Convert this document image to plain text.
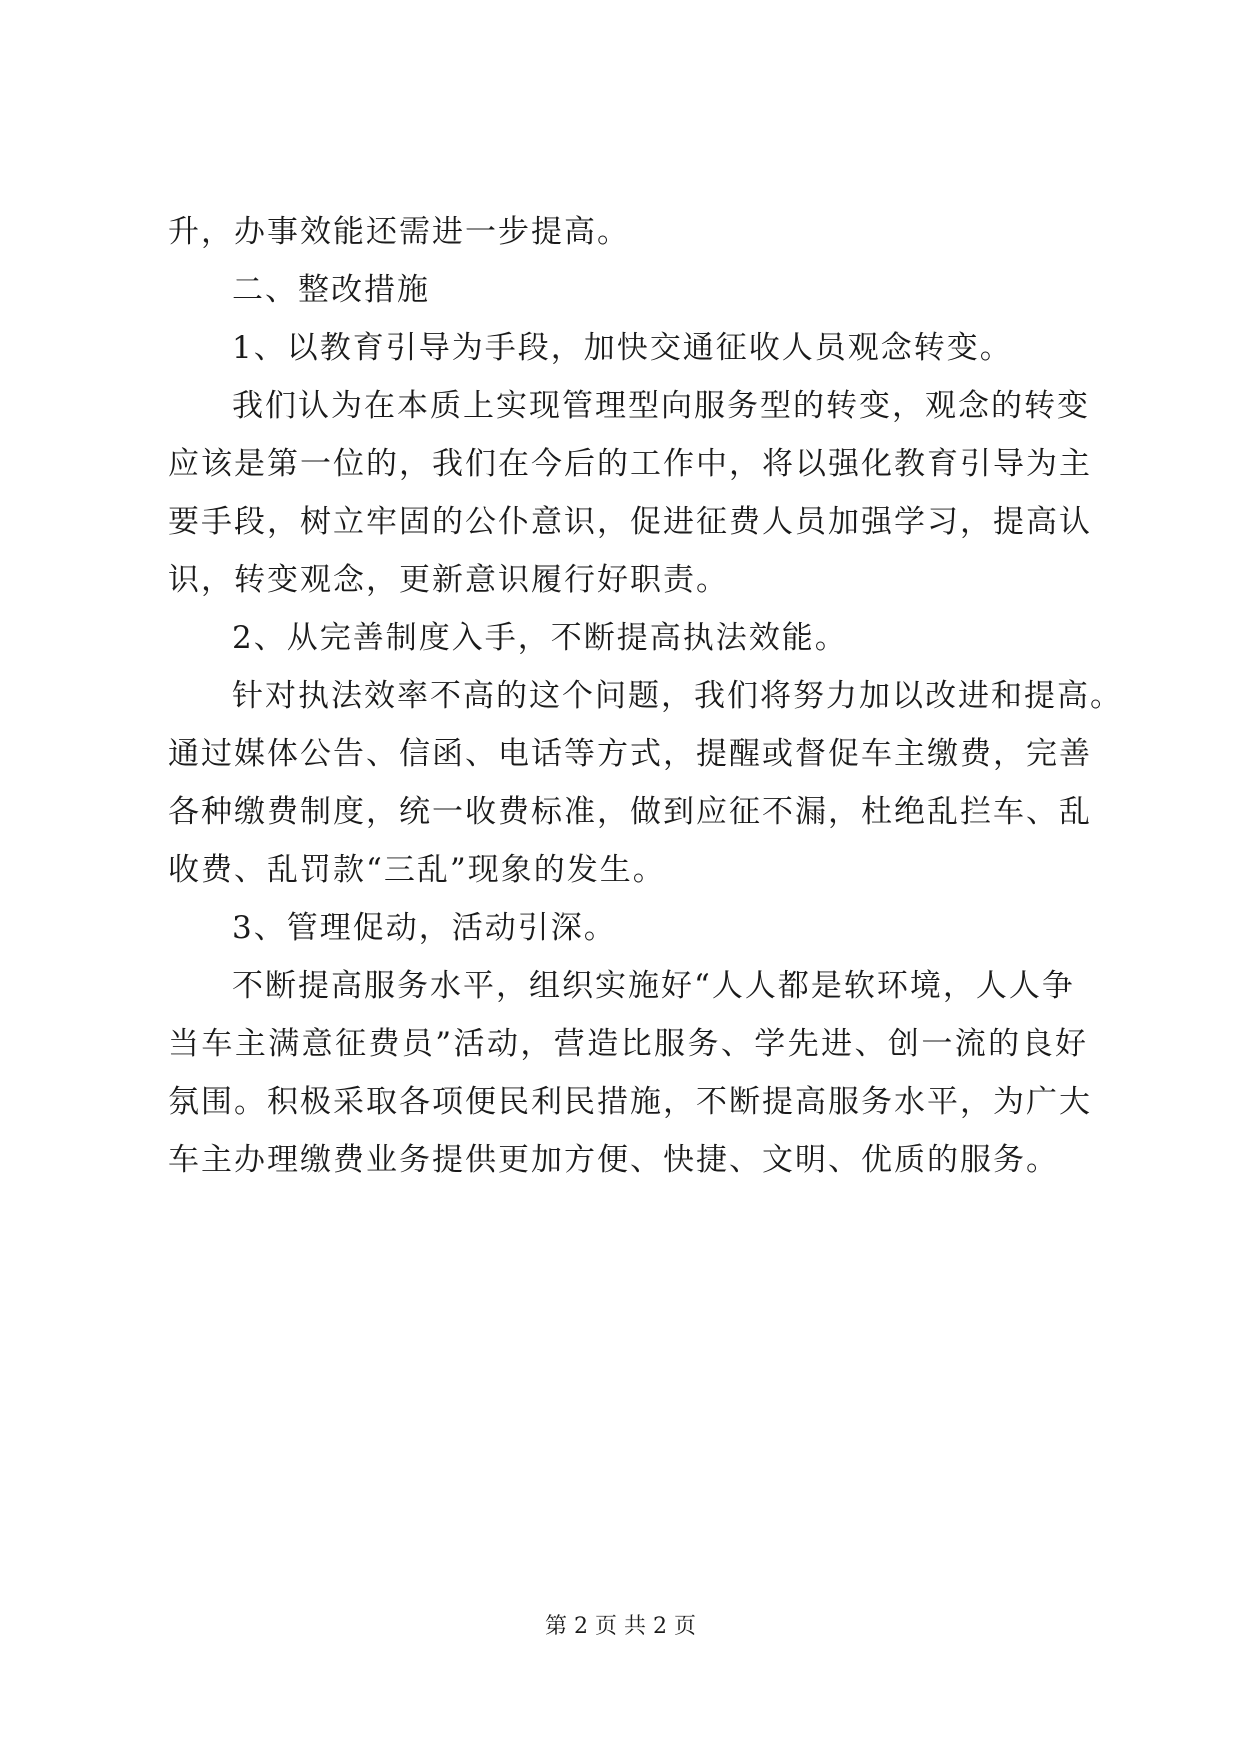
升，办事效能还需进一步提高。
二、整改措施
1、以教育引导为手段，加快交通征收人员观念转变。
我们认为在本质上实现管理型向服务型的转变，观念的转变
应该是第一位的，我们在今后的工作中，将以强化教育引导为主
要手段，树立牢固的公仆意识，促进征费人员加强学习，提高认
识，转变观念，更新意识履行好职责。
2、从完善制度入手，不断提高执法效能。
针对执法效率不高的这个问题，我们将努力加以改进和提高。
通过媒体公告、信函、电话等方式，提醒或督促车主缴费，完善
各种缴费制度，统一收费标准，做到应征不漏，杜绝乱拦车、乱
收费、乱罚款“三乱”现象的发生。
3、管理促动，活动引深。
不断提高服务水平，组织实施好“人人都是软环境，人人争
当车主满意征费员”活动，营造比服务、学先进、创一流的良好
氛围。积极采取各项便民利民措施，不断提高服务水平，为广大
车主办理缴费业务提供更加方便、快捷、文明、优质的服务。
第 2 页 共 2 页
